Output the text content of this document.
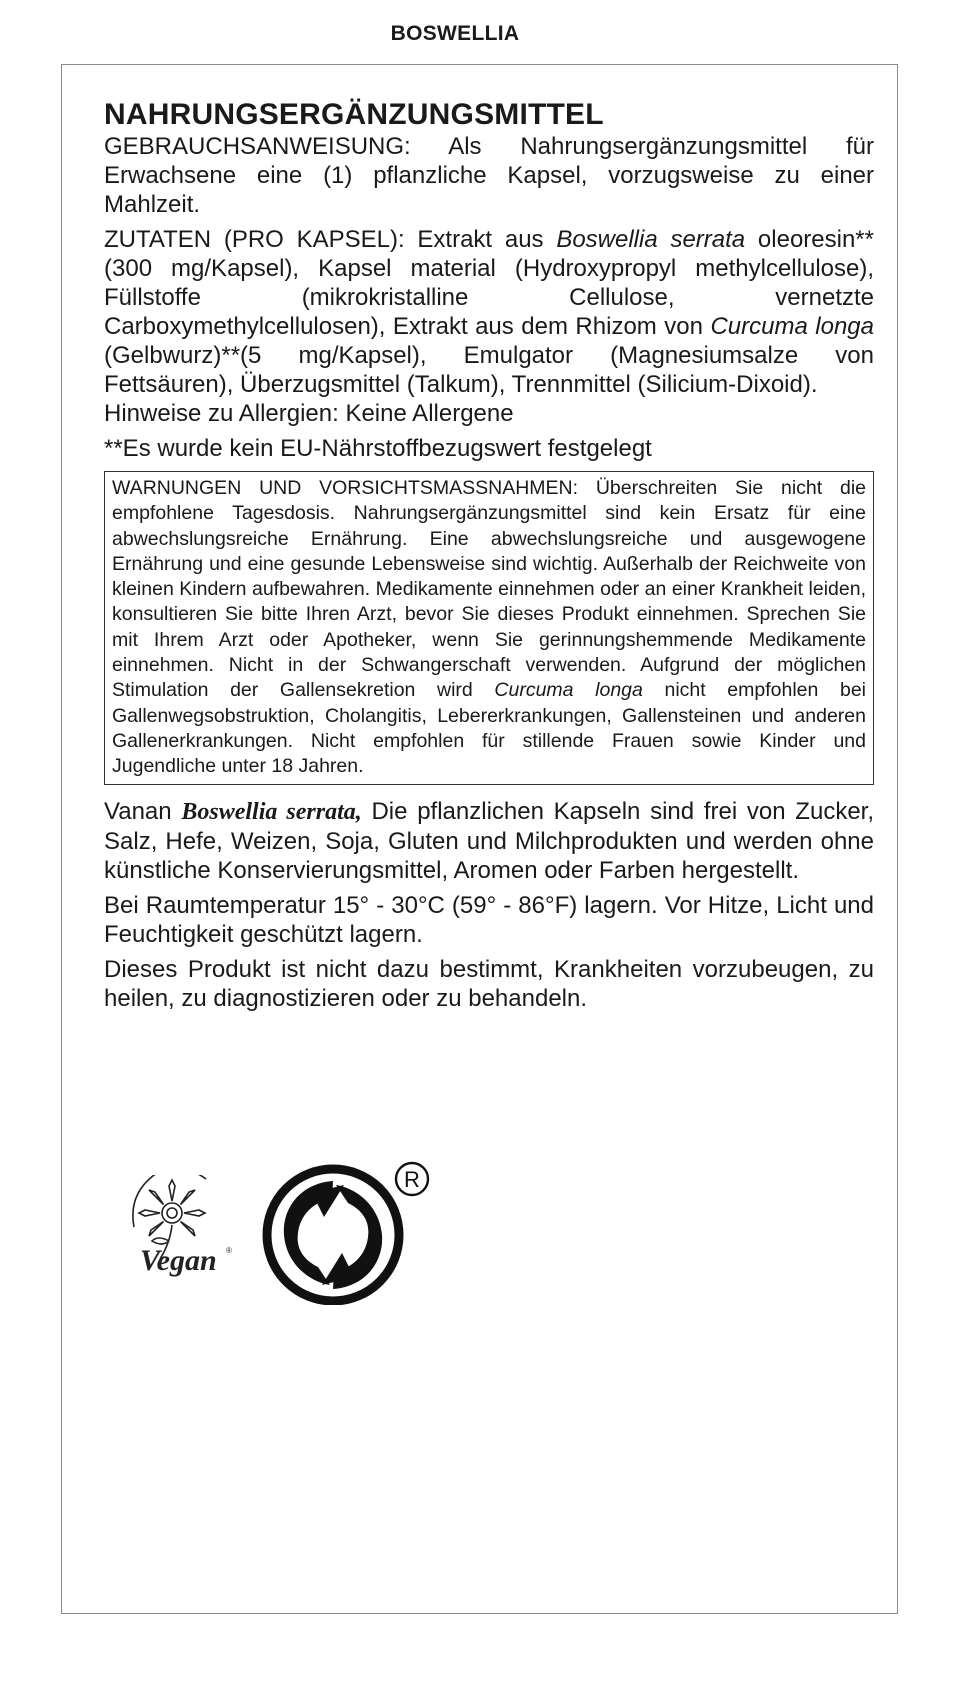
BOSWELLIA
NAHRUNGSERGÄNZUNGSMITTEL

GEBRAUCHSANWEISUNG: Als Nahrungsergänzungsmittel für Erwachsene eine (1) pflanzliche Kapsel, vorzugsweise zu einer Mahlzeit.

ZUTATEN (PRO KAPSEL): Extrakt aus Boswellia serrata oleoresin**(300 mg/Kapsel), Kapsel material (Hydroxypropyl methylcellulose), Füllstoffe (mikrokristalline Cellulose, vernetzte Carboxymethylcellulosen), Extrakt aus dem Rhizom von Curcuma longa (Gelbwurz)**(5 mg/Kapsel), Emulgator (Magnesiumsalze von Fettsäuren), Überzugsmittel (Talkum), Trennmittel (Silicium-Dixoid).
Hinweise zu Allergien: Keine Allergene

**Es wurde kein EU-Nährstoffbezugswert festgelegt

WARNUNGEN UND VORSICHTSMASSNAHMEN: Überschreiten Sie nicht die empfohlene Tagesdosis. Nahrungsergänzungsmittel sind kein Ersatz für eine abwechslungsreiche Ernährung. Eine abwechslungsreiche und ausgewogene Ernährung und eine gesunde Lebensweise sind wichtig. Außerhalb der Reichweite von kleinen Kindern aufbewahren. Medikamente einnehmen oder an einer Krankheit leiden, konsultieren Sie bitte Ihren Arzt, bevor Sie dieses Produkt einnehmen. Sprechen Sie mit Ihrem Arzt oder Apotheker, wenn Sie gerinnungshemmende Medikamente einnehmen. Nicht in der Schwangerschaft verwenden. Aufgrund der möglichen Stimulation der Gallensekretion wird Curcuma longa nicht empfohlen bei Gallenwegsobstruktion, Cholangitis, Lebererkrankungen, Gallensteinen und anderen Gallenerkrankungen. Nicht empfohlen für stillende Frauen sowie Kinder und Jugendliche unter 18 Jahren.

Vanan Boswellia serrata, Die pflanzlichen Kapseln sind frei von Zucker, Salz, Hefe, Weizen, Soja, Gluten und Milchprodukten und werden ohne künstliche Konservierungsmittel, Aromen oder Farben hergestellt.

Bei Raumtemperatur 15° - 30°C (59° - 86°F) lagern. Vor Hitze, Licht und Feuchtigkeit geschützt lagern.

Dieses Produkt ist nicht dazu bestimmt, Krankheiten vorzubeugen, zu heilen, zu diagnostizieren oder zu behandeln.

Vegan ®
R
